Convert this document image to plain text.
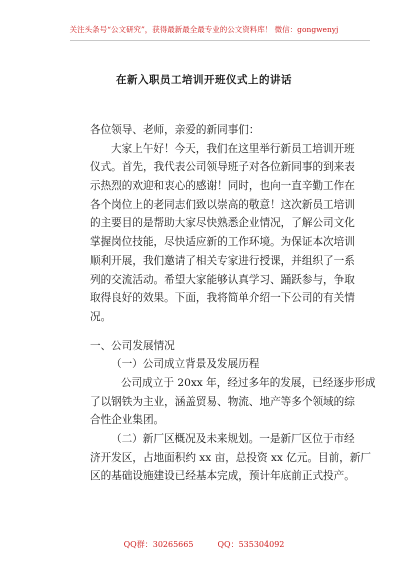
关注头条号“公文研究”，获得最新最全最专业的公文资料库！ 微信：gongwenyj
在新入职员工培训开班仪式上的讲话
各位领导、老师，亲爱的新同事们：
大家上午好！今天，我们在这里举行新员工培训开班
仪式。首先，我代表公司领导班子对各位新同事的到来表
示热烈的欢迎和衷心的感谢！同时，也向一直辛勤工作在
各个岗位上的老同志们致以崇高的敬意！这次新员工培训
的主要目的是帮助大家尽快熟悉企业情况，了解公司文化
掌握岗位技能，尽快适应新的工作环境。为保证本次培训
顺利开展，我们邀请了相关专家进行授课，并组织了一系
列的交流活动。希望大家能够认真学习、踊跃参与，争取
取得良好的效果。下面，我将简单介绍一下公司的有关情
况。
一、公司发展情况
（一）公司成立背景及发展历程
公司成立于 20xx 年，经过多年的发展，已经逐步形成
了以钢铁为主业，涵盖贸易、物流、地产等多个领域的综
合性企业集团。
（二）新厂区概况及未来规划。一是新厂区位于市经
济开发区，占地面积约 xx 亩，总投资 xx 亿元。目前，新厂
区的基础设施建设已经基本完成，预计年底前正式投产。
QQ群：30265665	QQ：535304092
